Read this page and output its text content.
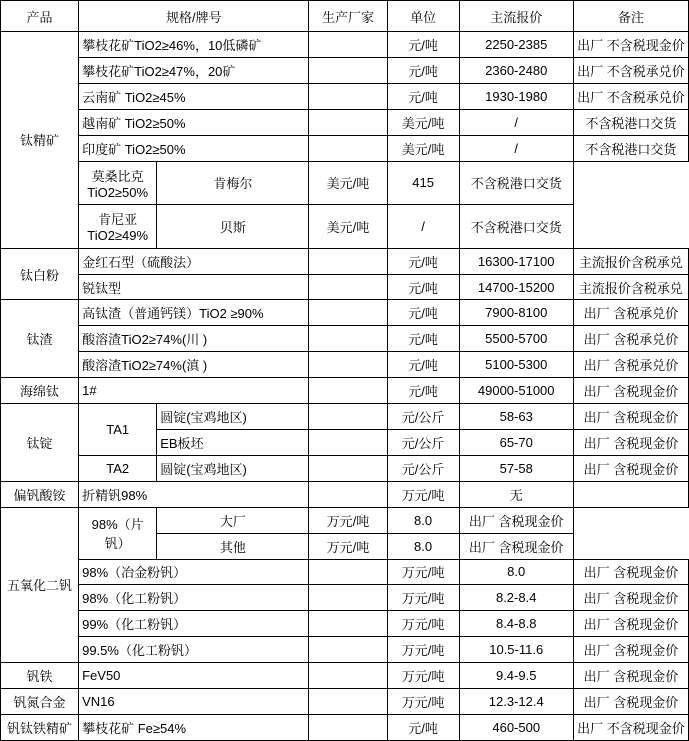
产品	规格/牌号		生产厂家	单位	主流报价	备注
钛精矿	攀枝花矿TiO2≥46%，10低磷矿			元/吨	2250-2385	出厂 不含税现金价
	攀枝花矿TiO2≥47%，20矿			元/吨	2360-2480	出厂 不含税承兑价
	云南矿 TiO2≥45%			元/吨	1930-1980	出厂 不含税承兑价
	越南矿 TiO2≥50%			美元/吨	/	不含税港口交货
	印度矿 TiO2≥50%			美元/吨	/	不含税港口交货
	莫桑比克 TiO2≥50%	肯梅尔	美元/吨	415	不含税港口交货	
	肯尼亚 TiO2≥49%	贝斯	美元/吨	/	不含税港口交货	
钛白粉	金红石型（硫酸法）			元/吨	16300-17100	主流报价含税承兑
	锐钛型			元/吨	14700-15200	主流报价含税承兑
钛渣	高钛渣（普通钙镁）TiO2 ≥90%			元/吨	7900-8100	出厂 含税承兑价
	酸溶渣TiO2≥74%(川 )			元/吨	5500-5700	出厂 含税承兑价
	酸溶渣TiO2≥74%(滇 )			元/吨	5100-5300	出厂 含税承兑价
海绵钛	1#			元/吨	49000-51000	出厂 含税现金价
钛锭	TA1	圆锭(宝鸡地区)		元/公斤	58-63	出厂 含税现金价
		EB板坯		元/公斤	65-70	出厂 含税现金价
	TA2	圆锭(宝鸡地区)		元/公斤	57-58	出厂 含税现金价
偏钒酸铵	折精钒98%			万元/吨	无	
五氧化二钒	98%（片钒）	大厂	万元/吨	8.0	出厂 含税现金价	
		其他	万元/吨	8.0	出厂 含税现金价	
	98%（冶金粉钒）			万元/吨	8.0	出厂 含税现金价
	98%（化工粉钒）			万元/吨	8.2-8.4	出厂 含税现金价
	99%（化工粉钒）			万元/吨	8.4-8.8	出厂 含税现金价
	99.5%（化工粉钒）			万元/吨	10.5-11.6	出厂 含税现金价
钒铁	FeV50			万元/吨	9.4-9.5	出厂 含税现金价
钒氮合金	VN16			万元/吨	12.3-12.4	出厂 含税现金价
钒钛铁精矿	攀枝花矿 Fe≥54%			元/吨	460-500	出厂 不含税现金价
